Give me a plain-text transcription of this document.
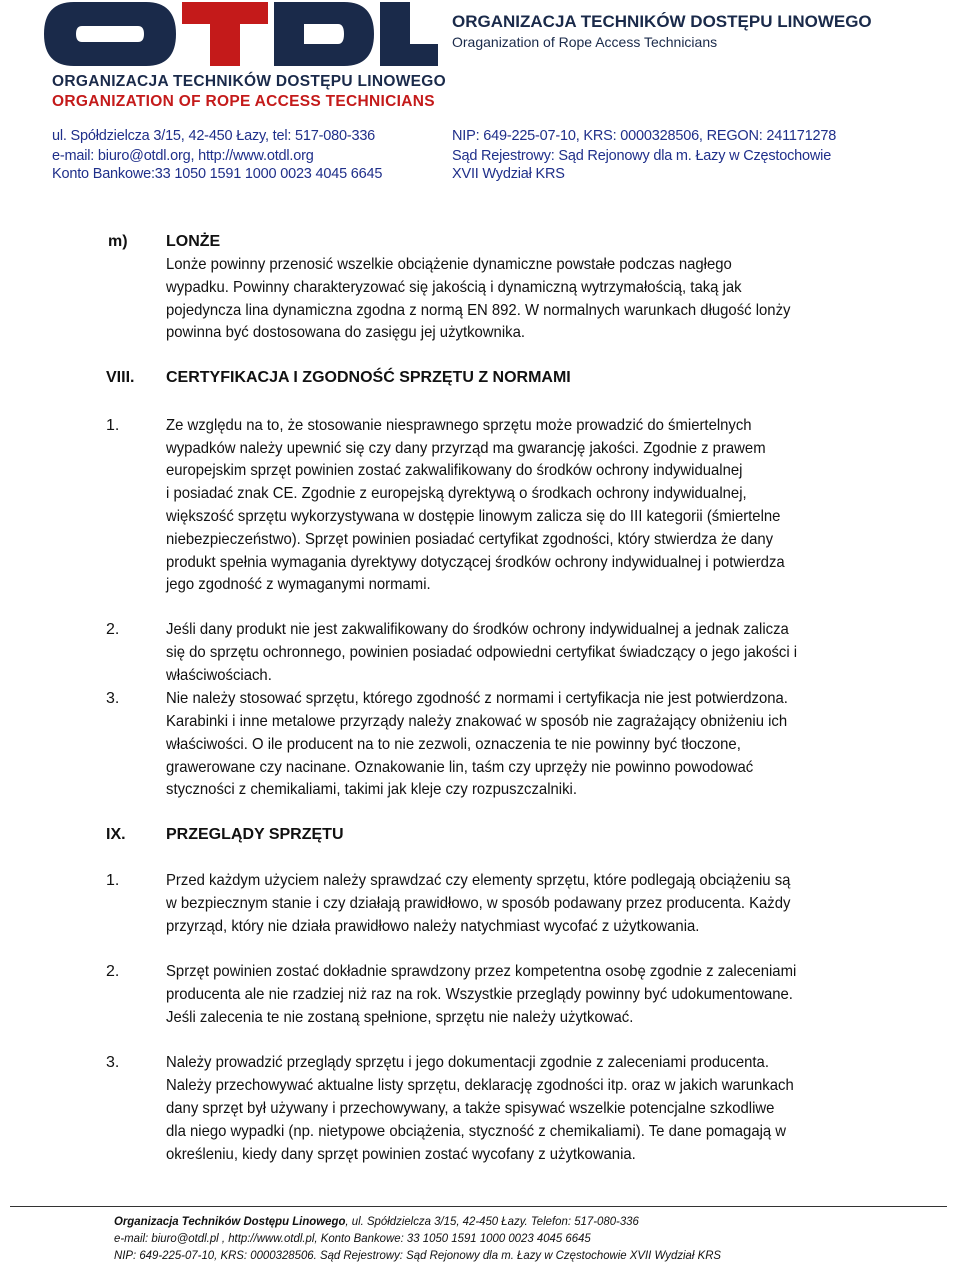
ORGANIZACJA TECHNIKÓW DOSTĘPU LINOWEGO
ORGANIZATION OF ROPE ACCESS TECHNICIANS
ORGANIZACJA TECHNIKÓW DOSTĘPU LINOWEGO
Oraganization of Rope Access Technicians
ul. Spółdzielcza 3/15, 42-450 Łazy, tel: 517-080-336
e-mail: biuro@otdl.org, http://www.otdl.org
Konto Bankowe:33 1050 1591 1000 0023 4045 6645
NIP: 649-225-07-10, KRS: 0000328506, REGON: 241171278
Sąd Rejestrowy: Sąd Rejonowy dla m. Łazy w Częstochowie
XVII Wydział KRS
m) LONŻE
Lonże powinny przenosić wszelkie obciążenie dynamiczne powstałe podczas nagłego
wypadku. Powinny charakteryzować się jakością i dynamiczną wytrzymałością, taką jak
pojedyncza lina dynamiczna zgodna z normą EN 892. W normalnych warunkach długość lonży
powinna być dostosowana do zasięgu jej użytkownika.
VIII. CERTYFIKACJA I ZGODNOŚĆ SPRZĘTU Z NORMAMI
1.	Ze względu na to, że stosowanie niesprawnego sprzętu może prowadzić do śmiertelnych
wypadków należy upewnić się czy dany przyrząd ma gwarancję jakości. Zgodnie z prawem
europejskim sprzęt powinien zostać zakwalifikowany do środków ochrony indywidualnej
i posiadać znak CE. Zgodnie z europejską dyrektywą o środkach ochrony indywidualnej,
większość sprzętu wykorzystywana w dostępie linowym zalicza się do III kategorii (śmiertelne
niebezpieczeństwo). Sprzęt powinien posiadać certyfikat zgodności, który stwierdza że dany
produkt spełnia wymagania dyrektywy dotyczącej środków ochrony indywidualnej i potwierdza
jego zgodność z wymaganymi normami.
2.	Jeśli dany produkt nie jest zakwalifikowany do środków ochrony indywidualnej a jednak zalicza
się do sprzętu ochronnego, powinien posiadać odpowiedni certyfikat świadczący o jego jakości i
właściwościach.
3.	Nie należy stosować sprzętu, którego zgodność z normami i certyfikacja nie jest potwierdzona.
Karabinki i inne metalowe przyrządy należy znakować w sposób nie zagrażający obniżeniu ich
właściwości. O ile producent na to nie zezwoli, oznaczenia te nie powinny być tłoczone,
grawerowane czy nacinane. Oznakowanie lin, taśm czy uprzęży nie powinno powodować
styczności z chemikaliami, takimi jak kleje czy rozpuszczalniki.
IX.	PRZEGLĄDY SPRZĘTU
1.	Przed każdym użyciem należy sprawdzać czy elementy sprzętu, które podlegają obciążeniu są
w bezpiecznym stanie i czy działają prawidłowo, w sposób podawany przez producenta. Każdy
przyrząd, który nie działa prawidłowo należy natychmiast wycofać z użytkowania.
2.	Sprzęt powinien zostać dokładnie sprawdzony przez kompetentna osobę zgodnie z zaleceniami
producenta ale nie rzadziej niż raz na rok. Wszystkie przeglądy powinny być udokumentowane.
Jeśli zalecenia te nie zostaną spełnione, sprzętu nie należy użytkować.
3.	Należy prowadzić przeglądy sprzętu i jego dokumentacji zgodnie z zaleceniami producenta.
Należy przechowywać aktualne listy sprzętu, deklarację zgodności itp. oraz w jakich warunkach
dany sprzęt był używany i przechowywany, a także spisywać wszelkie potencjalne szkodliwe
dla niego wypadki (np. nietypowe obciążenia, styczność z chemikaliami). Te dane pomagają w
określeniu, kiedy dany sprzęt powinien zostać wycofany z użytkowania.
Organizacja Techników Dostępu Linowego, ul. Spółdzielcza 3/15, 42-450 Łazy. Telefon: 517-080-336
e-mail: biuro@otdl.pl , http://www.otdl.pl, Konto Bankowe: 33 1050 1591 1000 0023 4045 6645
NIP: 649-225-07-10, KRS: 0000328506. Sąd Rejestrowy: Sąd Rejonowy dla m. Łazy w Częstochowie XVII Wydział KRS
